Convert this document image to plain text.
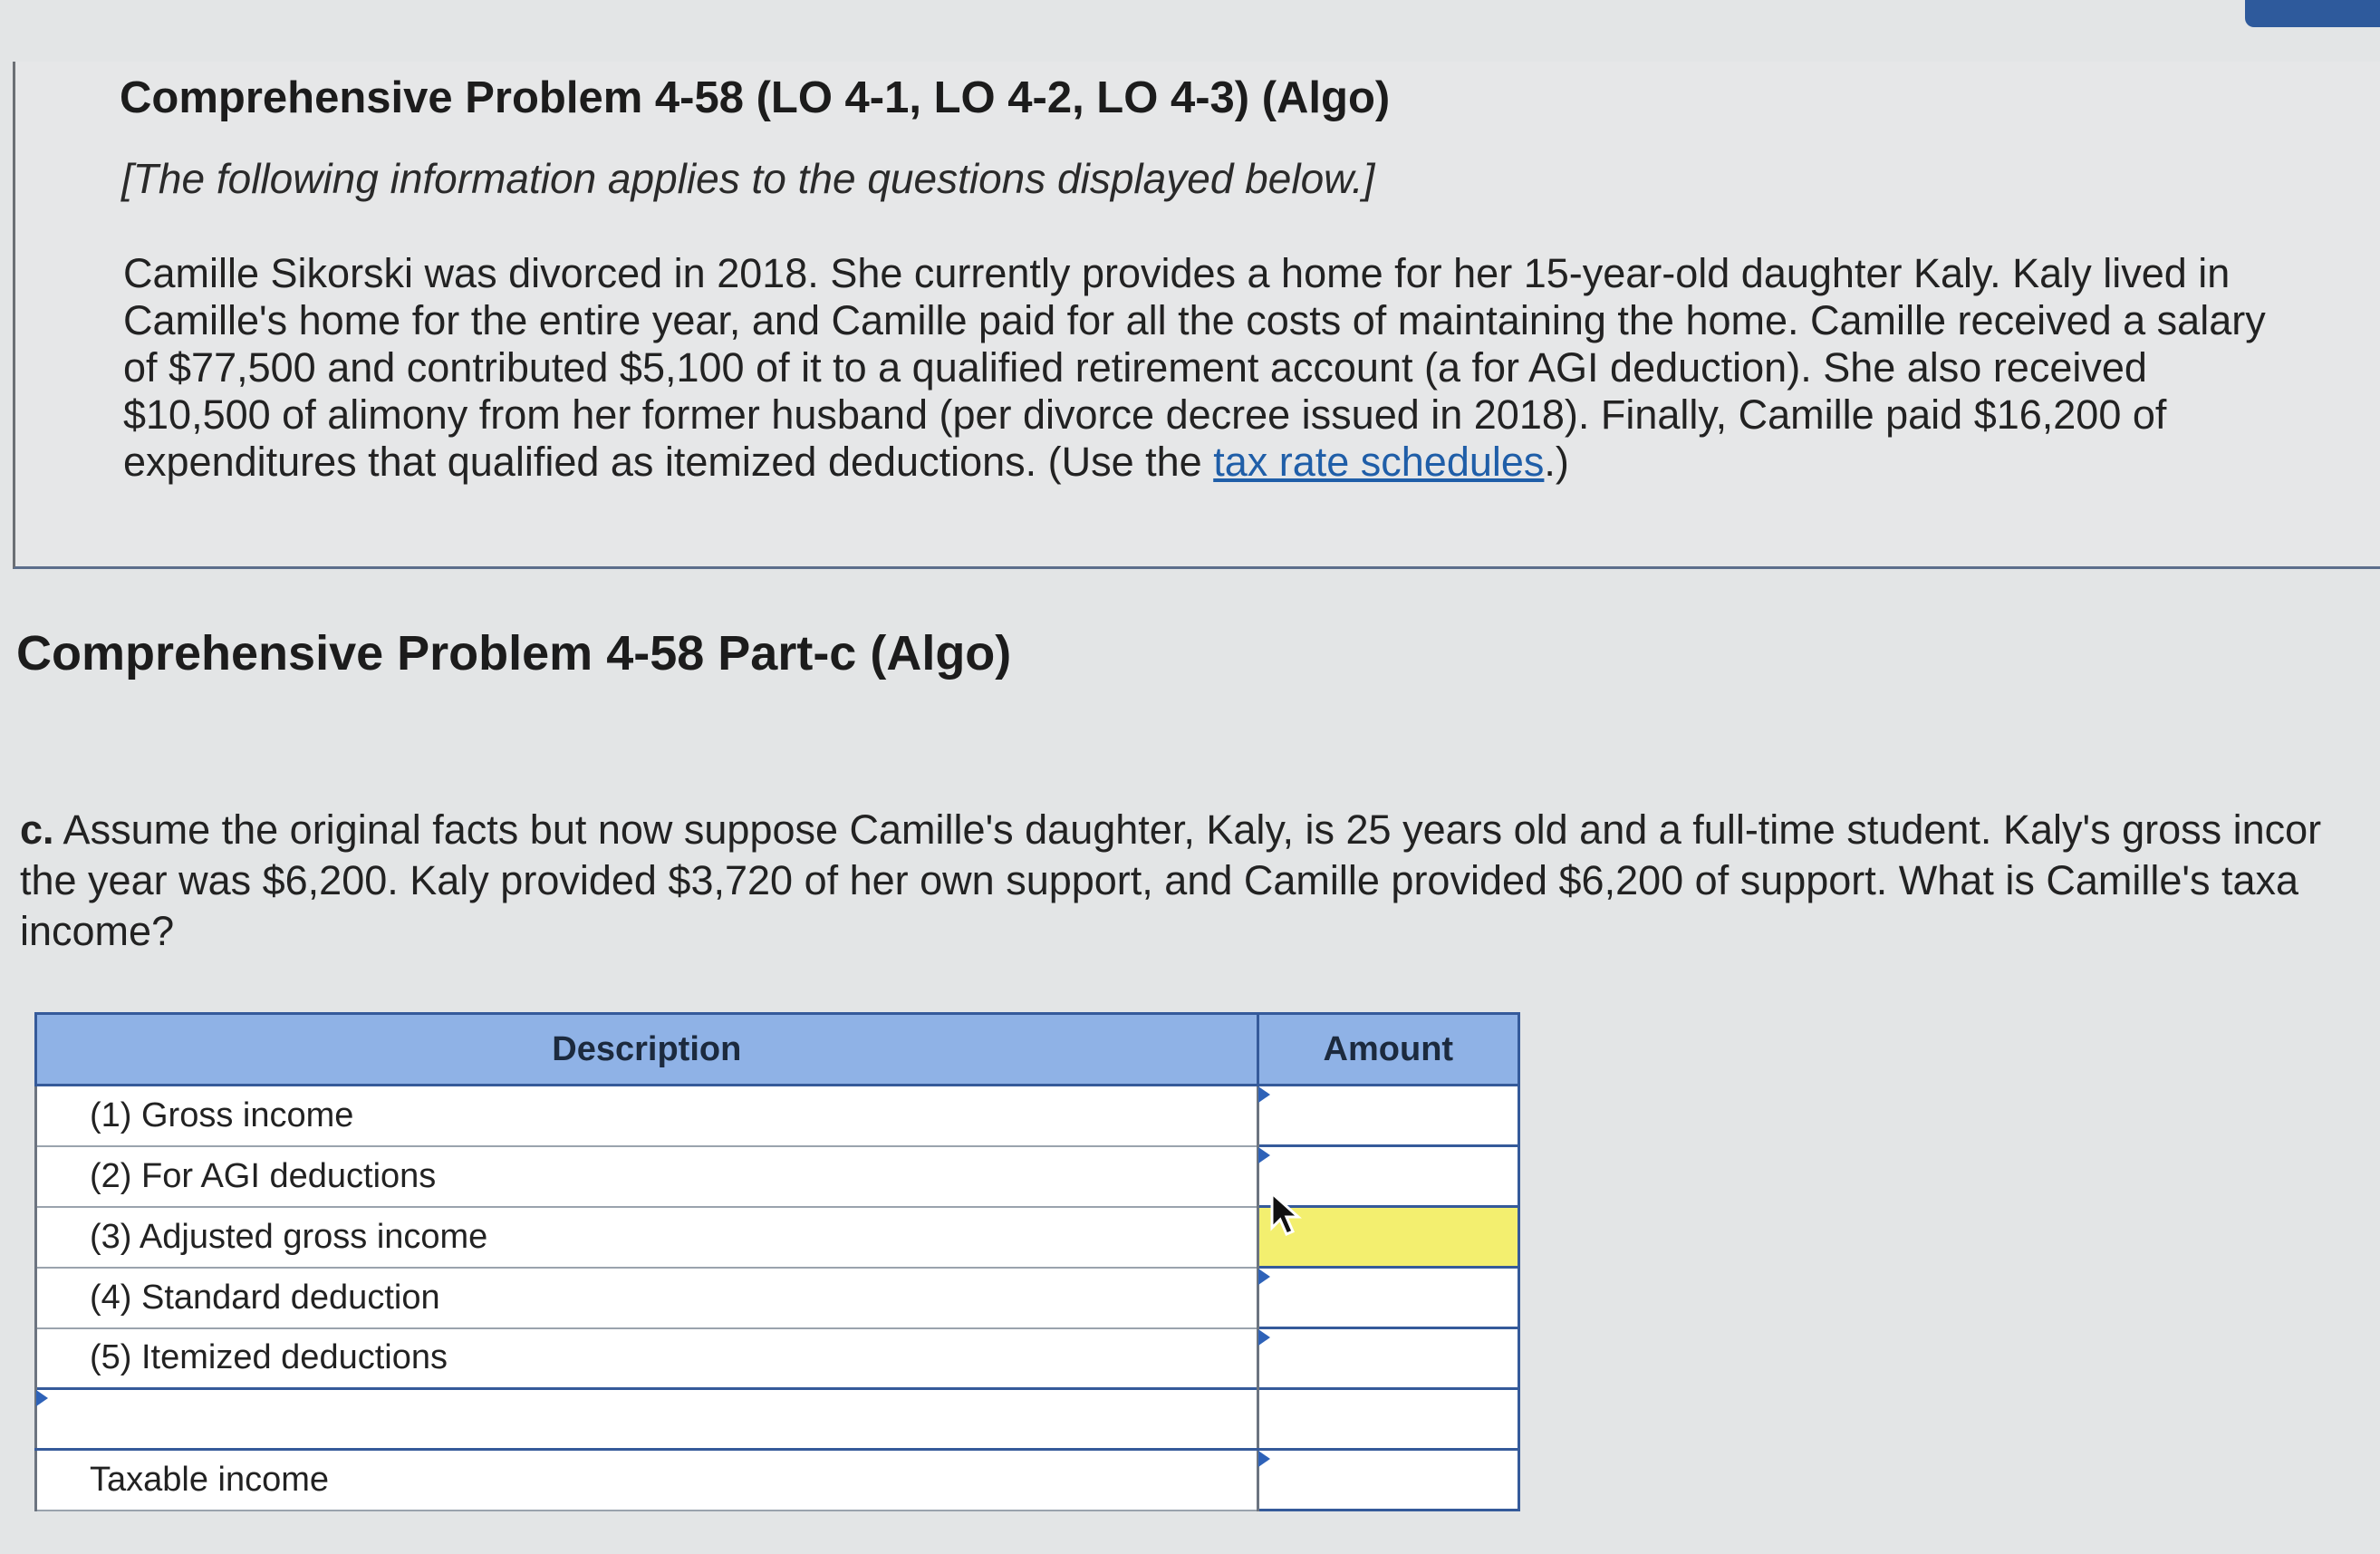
Comprehensive Problem 4-58 (LO 4-1, LO 4-2, LO 4-3) (Algo)
[The following information applies to the questions displayed below.]
Camille Sikorski was divorced in 2018. She currently provides a home for her 15-year-old daughter Kaly. Kaly lived in
Camille's home for the entire year, and Camille paid for all the costs of maintaining the home. Camille received a salary
of $77,500 and contributed $5,100 of it to a qualified retirement account (a for AGI deduction). She also received
$10,500 of alimony from her former husband (per divorce decree issued in 2018). Finally, Camille paid $16,200 of
expenditures that qualified as itemized deductions. (Use the tax rate schedules.)
Comprehensive Problem 4-58 Part-c (Algo)
c. Assume the original facts but now suppose Camille's daughter, Kaly, is 25 years old and a full-time student. Kaly's gross incor
the year was $6,200. Kaly provided $3,720 of her own support, and Camille provided $6,200 of support. What is Camille's taxa
income?
Description	Amount
(1) Gross income	

(2) For AGI deductions	

(3) Adjusted gross income	
(4) Standard deduction	

(5) Itemized deductions	

Taxable income	
